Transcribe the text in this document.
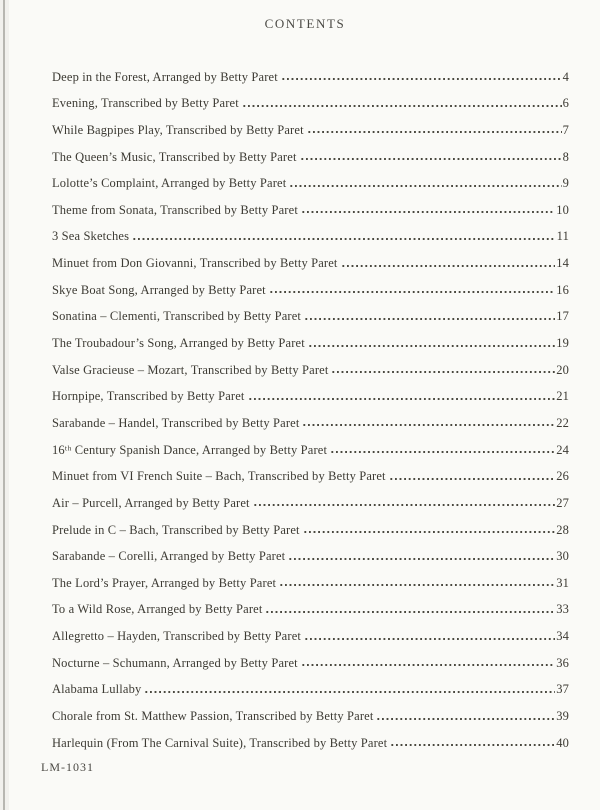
CONTENTS
Deep in the Forest, Arranged by Betty Paret	4
Evening, Transcribed by Betty Paret	6
While Bagpipes Play, Transcribed by Betty Paret	7
The Queen’s Music, Transcribed by Betty Paret	8
Lolotte’s Complaint, Arranged by Betty Paret	9
Theme from Sonata, Transcribed by Betty Paret	10
3 Sea Sketches	11
Minuet from Don Giovanni, Transcribed by Betty Paret	14
Skye Boat Song, Arranged by Betty Paret	16
Sonatina – Clementi, Transcribed by Betty Paret	17
The Troubadour’s Song, Arranged by Betty Paret	19
Valse Gracieuse – Mozart, Transcribed by Betty Paret	20
Hornpipe, Transcribed by Betty Paret	21
Sarabande – Handel, Transcribed by Betty Paret	22
16ᵗʰ Century Spanish Dance, Arranged by Betty Paret	24
Minuet from VI French Suite – Bach, Transcribed by Betty Paret	26
Air – Purcell, Arranged by Betty Paret	27
Prelude in C – Bach, Transcribed by Betty Paret	28
Sarabande – Corelli, Arranged by Betty Paret	30
The Lord’s Prayer, Arranged by Betty Paret	31
To a Wild Rose, Arranged by Betty Paret	33
Allegretto – Hayden, Transcribed by Betty Paret	34
Nocturne – Schumann, Arranged by Betty Paret	36
Alabama Lullaby	37
Chorale from St. Matthew Passion, Transcribed by Betty Paret	39
Harlequin (From The Carnival Suite), Transcribed by Betty Paret	40
LM-1031
